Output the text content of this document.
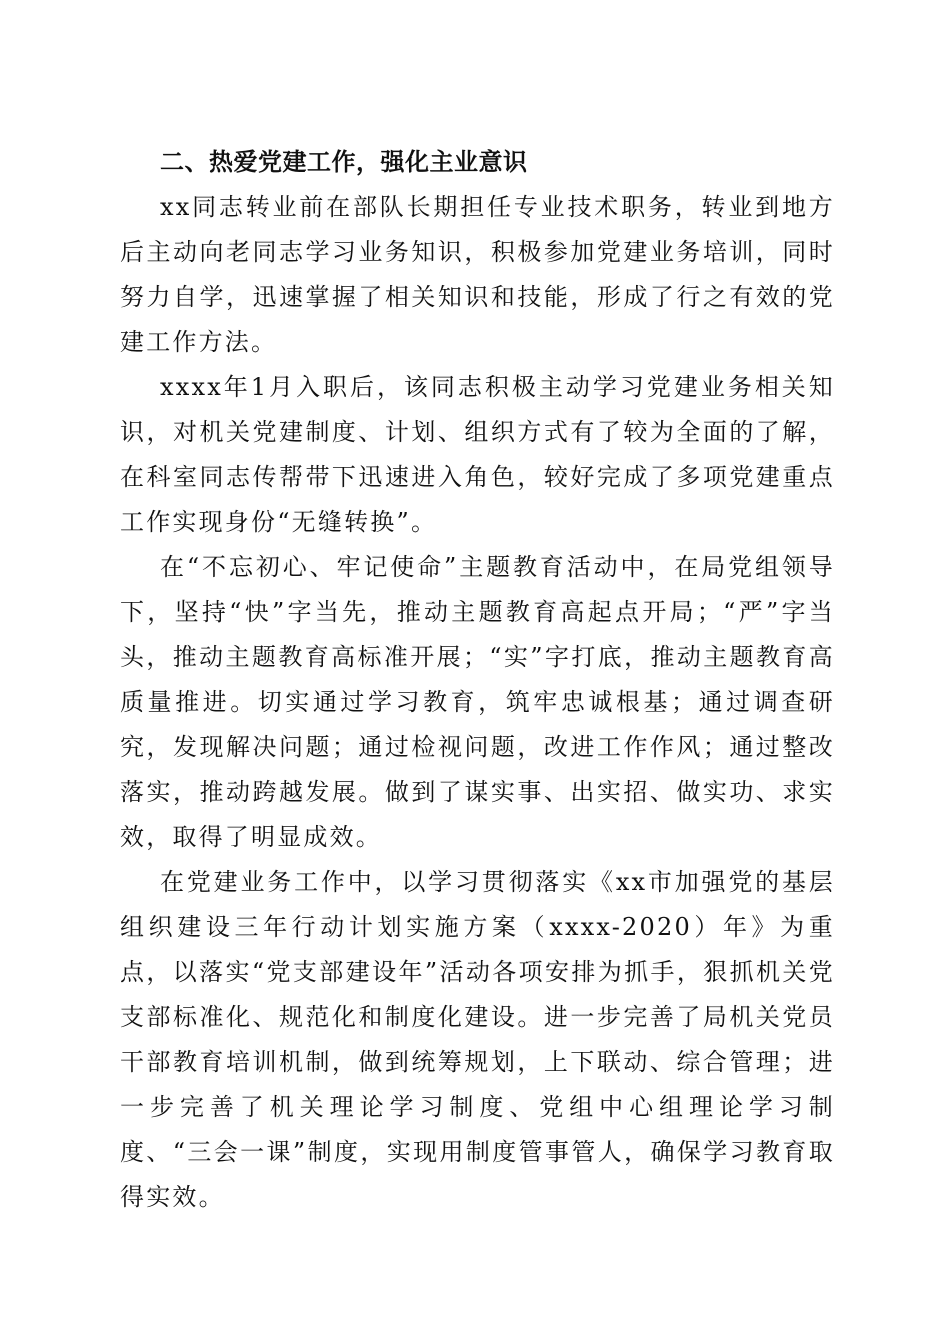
二、热爱党建工作，强化主业意识

xx同志转业前在部队长期担任专业技术职务，转业到地方后主动向老同志学习业务知识，积极参加党建业务培训，同时努力自学，迅速掌握了相关知识和技能，形成了行之有效的党建工作方法。

xxxx年1月入职后，该同志积极主动学习党建业务相关知识，对机关党建制度、计划、组织方式有了较为全面的了解，在科室同志传帮带下迅速进入角色，较好完成了多项党建重点工作实现身份“无缝转换”。

在“不忘初心、牢记使命”主题教育活动中，在局党组领导下，坚持“快”字当先，推动主题教育高起点开局；“严”字当头，推动主题教育高标准开展；“实”字打底，推动主题教育高质量推进。切实通过学习教育，筑牢忠诚根基；通过调查研究，发现解决问题；通过检视问题，改进工作作风；通过整改落实，推动跨越发展。做到了谋实事、出实招、做实功、求实效，取得了明显成效。

在党建业务工作中，以学习贯彻落实《xx市加强党的基层组织建设三年行动计划实施方案（xxxx-2020）年》为重点，以落实“党支部建设年”活动各项安排为抓手，狠抓机关党支部标准化、规范化和制度化建设。进一步完善了局机关党员干部教育培训机制，做到统筹规划，上下联动、综合管理；进一步完善了机关理论学习制度、党组中心组理论学习制度、“三会一课”制度，实现用制度管事管人，确保学习教育取得实效。
